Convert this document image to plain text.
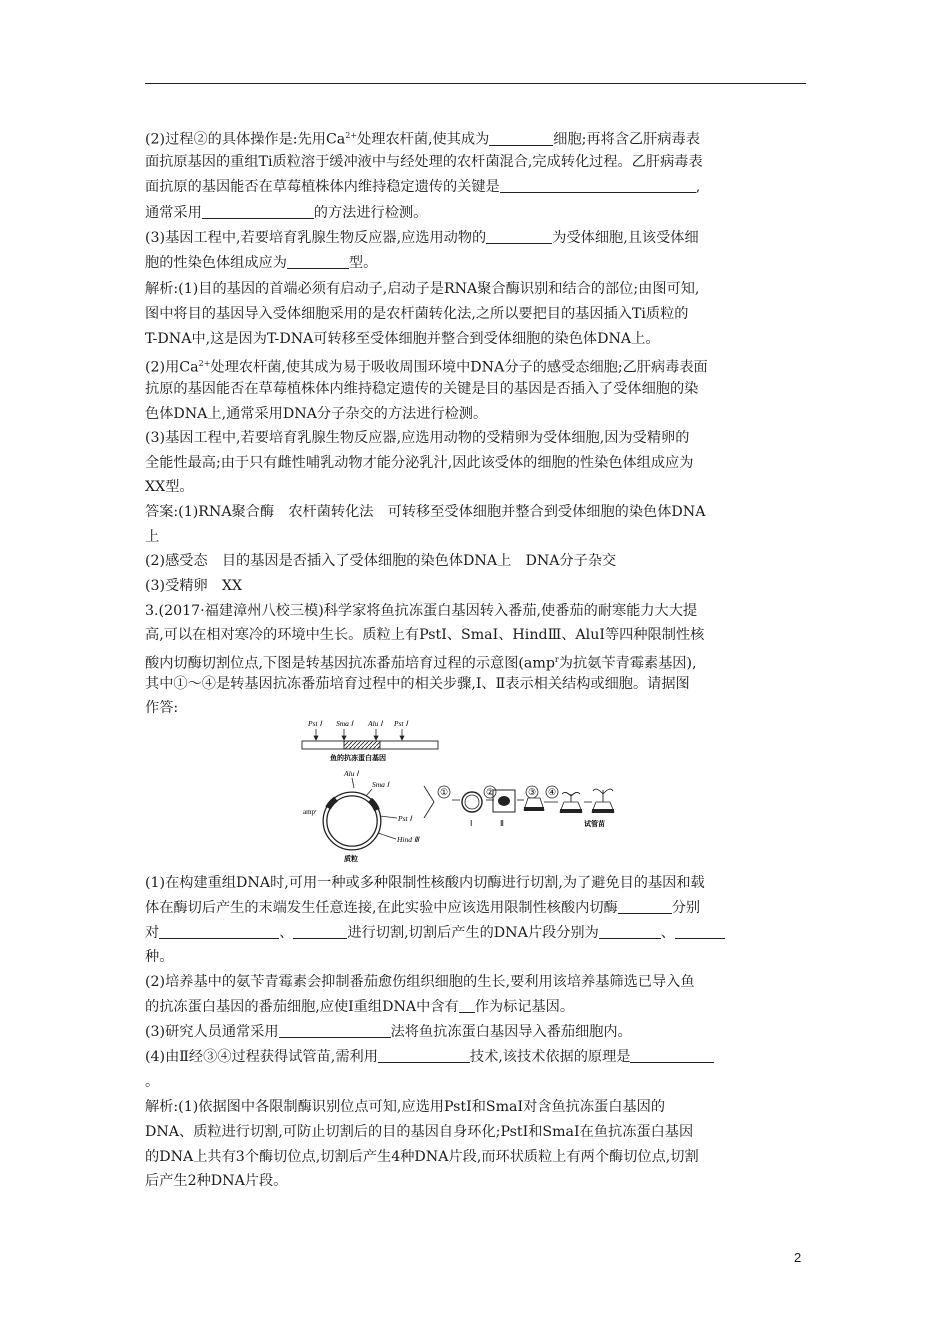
(2)过程②的具体操作是:先用$Ca^{2+}$处理农杆菌,使其成为	细胞;再将含乙肝病毒表
面抗原基因的重组Ti质粒溶于缓冲液中与经处理的农杆菌混合,完成转化过程。乙肝病毒表
面抗原的基因能否在草莓植株体内维持稳定遗传的关键是	,
通常采用	的方法进行检测。
(3)基因工程中,若要培育乳腺生物反应器,应选用动物的	为受体细胞,且该受体细
胞的性染色体组成应为	型。
解析:(1)目的基因的首端必须有启动子,启动子是RNA聚合酶识别和结合的部位;由图可知,
图中将目的基因导入受体细胞采用的是农杆菌转化法,之所以要把目的基因插入Ti质粒的
T-DNA中,这是因为T-DNA可转移至受体细胞并整合到受体细胞的染色体DNA上。
(2)用$Ca^{2+}$处理农杆菌,使其成为易于吸收周围环境中DNA分子的感受态细胞;乙肝病毒表面
抗原的基因能否在草莓植株体内维持稳定遗传的关键是目的基因是否插入了受体细胞的染
色体DNA上,通常采用DNA分子杂交的方法进行检测。
(3)基因工程中,若要培育乳腺生物反应器,应选用动物的受精卵为受体细胞,因为受精卵的
全能性最高;由于只有雌性哺乳动物才能分泌乳汁,因此该受体的细胞的性染色体组成应为
XX型。
答案:(1)RNA聚合酶　农杆菌转化法　可转移至受体细胞并整合到受体细胞的染色体DNA
上
(2)感受态　目的基因是否插入了受体细胞的染色体DNA上　DNA分子杂交
(3)受精卵　XX
3.(2017·福建漳州八校三模)科学家将鱼抗冻蛋白基因转入番茄,使番茄的耐寒能力大大提
高,可以在相对寒冷的环境中生长。质粒上有PstⅠ、SmaⅠ、HindⅢ、AluⅠ等四种限制性核
酸内切酶切割位点,下图是转基因抗冻番茄培育过程的示意图(amp$^r$为抗氨苄青霉素基因),
其中①～④是转基因抗冻番茄培育过程中的相关步骤,Ⅰ、Ⅱ表示相关结构或细胞。请据图
作答:
Pst Ⅰ Sma Ⅰ Alu Ⅰ Pst Ⅰ
鱼的抗冻蛋白基因
Alu Ⅰ
Sma Ⅰ
ampʳ
Pst Ⅰ
Hind Ⅲ
质粒
①
Ⅰ
②
Ⅱ
③ ④
试管苗
(1)在构建重组DNA时,可用一种或多种限制性核酸内切酶进行切割,为了避免目的基因和载
体在酶切后产生的末端发生任意连接,在此实验中应该选用限制性核酸内切酶	分别
对	、	进行切割,切割后产生的DNA片段分别为	、
种。
(2)培养基中的氨苄青霉素会抑制番茄愈伤组织细胞的生长,要利用该培养基筛选已导入鱼
的抗冻蛋白基因的番茄细胞,应使Ⅰ重组DNA中含有 作为标记基因。
(3)研究人员通常采用	法将鱼抗冻蛋白基因导入番茄细胞内。
(4)由Ⅱ经③④过程获得试管苗,需利用	技术,该技术依据的原理是
。
解析:(1)依据图中各限制酶识别位点可知,应选用PstⅠ和SmaⅠ对含鱼抗冻蛋白基因的
DNA、质粒进行切割,可防止切割后的目的基因自身环化;PstⅠ和SmaⅠ在鱼抗冻蛋白基因
的DNA上共有3个酶切位点,切割后产生4种DNA片段,而环状质粒上有两个酶切位点,切割
后产生2种DNA片段。
2
